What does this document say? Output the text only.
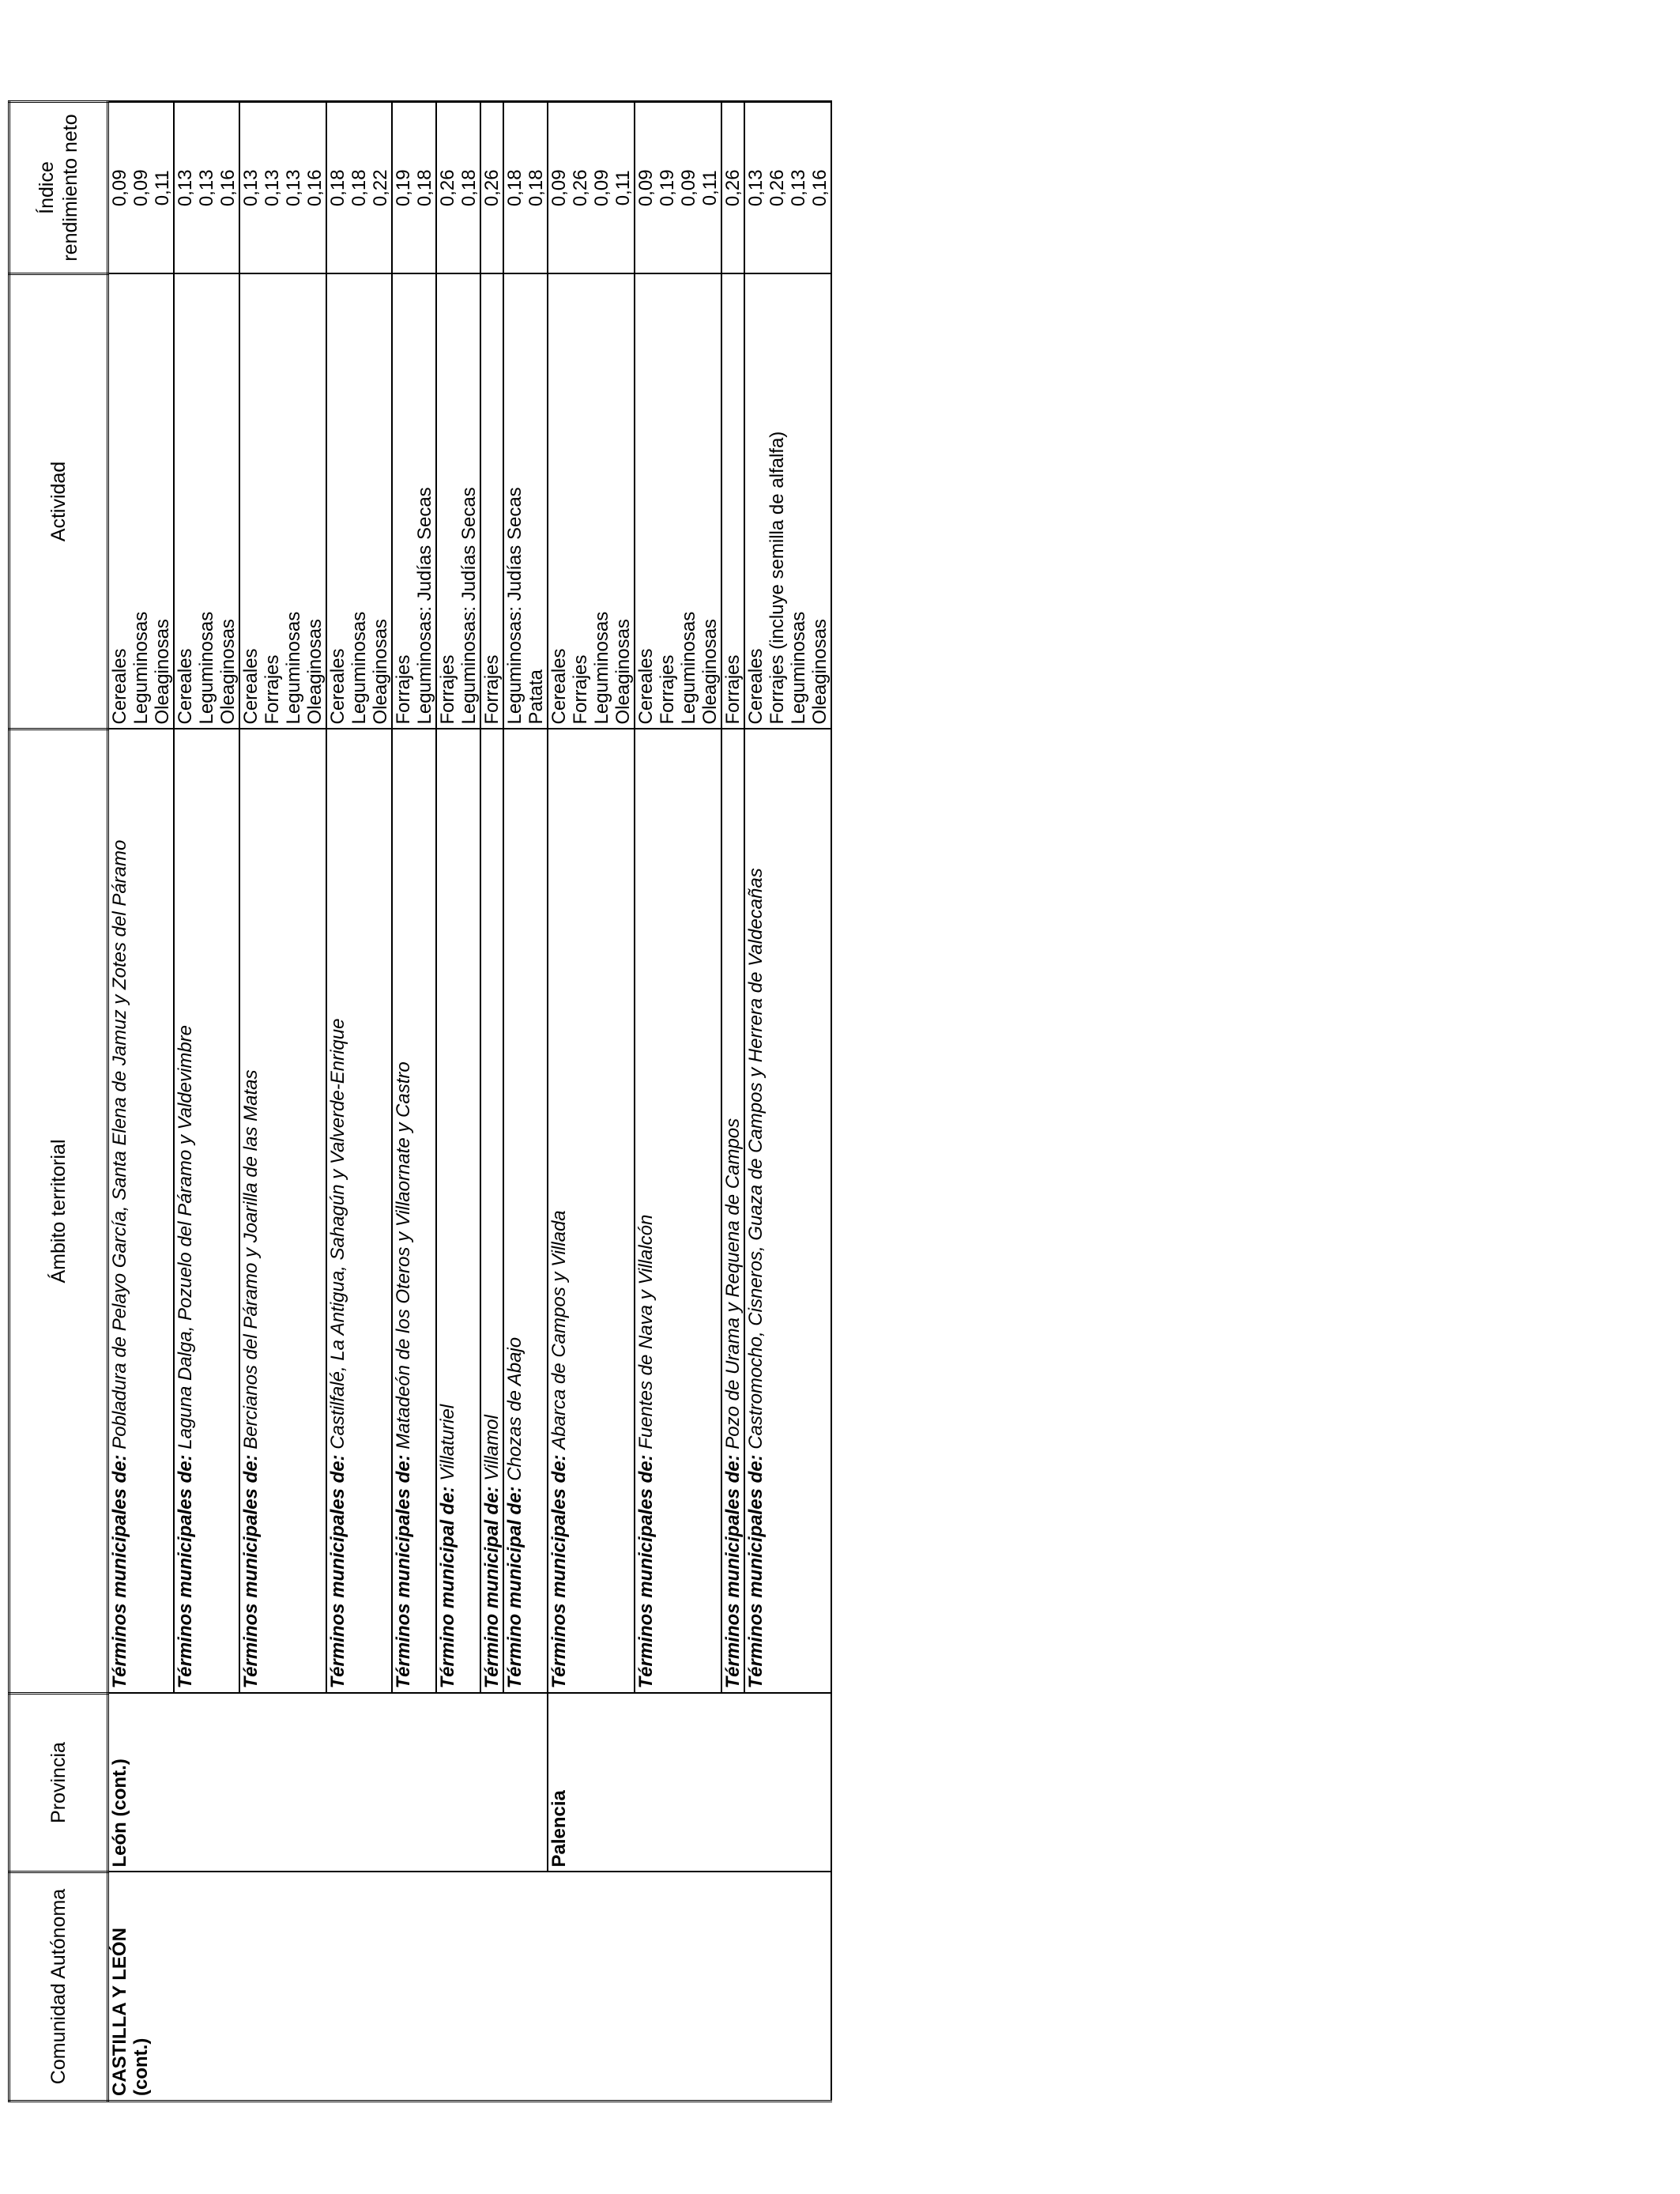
Comunidad Autónoma	Provincia	Ámbito territorial	Actividad	Índice rendimiento neto
CASTILLA Y LEÓN (cont.)	León (cont.)	Términos municipales de: Pobladura de Pelayo García, Santa Elena de Jamuz y Zotes del Páramo	Cereales Leguminosas Oleaginosas	0,09 0,09 0,11

		Términos municipales de: Laguna Dalga, Pozuelo del Páramo y Valdevimbre	Cereales Leguminosas Oleaginosas	0,13 0,13 0,16

		Términos municipales de: Bercianos del Páramo y Joarilla de las Matas	Cereales Forrajes Leguminosas Oleaginosas	0,13 0,13 0,13 0,16

		Términos municipales de: Castilfalé, La Antigua, Sahagún y Valverde-Enrique	Cereales Leguminosas Oleaginosas	0,18 0,18 0,22

		Términos municipales de: Matadeón de los Oteros y Villaornate y Castro	Forrajes Leguminosas: Judías Secas	0,19 0,18

		Término municipal de: Villaturiel	Forrajes Leguminosas: Judías Secas	0,26 0,18

		Término municipal de: Villamol	Forrajes	0,26

		Término municipal de: Chozas de Abajo	Leguminosas: Judías Secas Patata	0,18 0,18

	Palencia	Términos municipales de: Abarca de Campos y Villada	Cereales Forrajes Leguminosas Oleaginosas	0,09 0,26 0,09 0,11

		Términos municipales de: Fuentes de Nava y Villalcón	Cereales Forrajes Leguminosas Oleaginosas	0,09 0,19 0,09 0,11

		Términos municipales de: Pozo de Urama y Requena de Campos	Forrajes	0,26

		Términos municipales de: Castromocho, Cisneros, Guaza de Campos y Herrera de Valdecañas	Cereales Forrajes (incluye semilla de alfalfa) Leguminosas Oleaginosas	0,13 0,26 0,13 0,16
